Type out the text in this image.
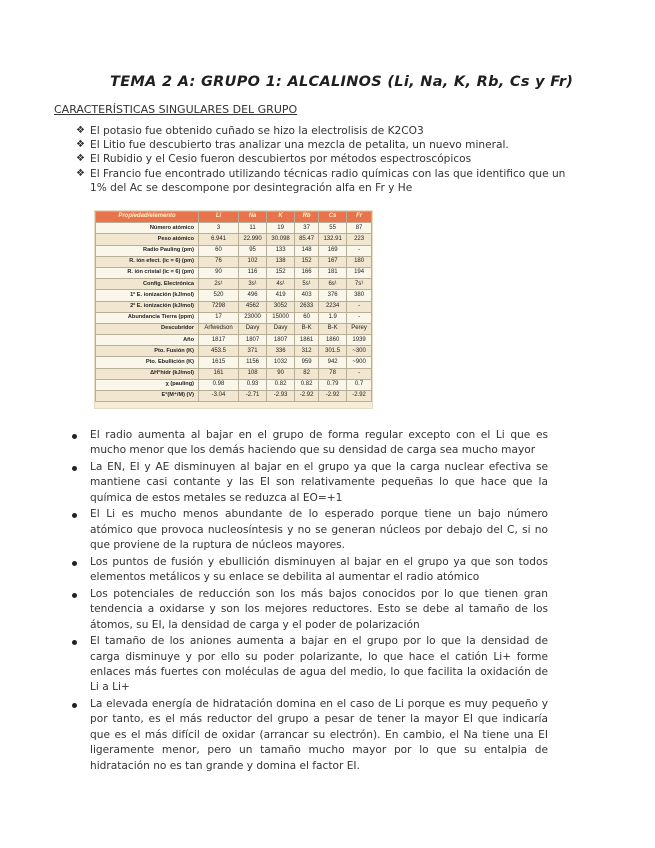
TEMA 2 A: GRUPO 1: ALCALINOS (Li, Na, K, Rb, Cs y Fr)
CARACTERÍSTICAS SINGULARES DEL GRUPO
❖ El potasio fue obtenido cuñado se hizo la electrolisis de K2CO3
❖ El Litio fue descubierto tras analizar una mezcla de petalita, un nuevo mineral.
❖ El Rubidio y el Cesio fueron descubiertos por métodos espectroscópicos
❖ El Francio fue encontrado utilizando técnicas radio químicas con las que identifico que un 1% del Ac se descompone por desintegración alfa en Fr y He
Propiedad/elemento	Li	Na	K	Rb	Cs	Fr
Número atómico	3	11	19	37	55	87
Peso atómico	6.941	22.990	30.098	85.47	132.91	223
Radio Pauling (pm)	60	95	133	148	169	-
R. ión efect. (ic = 6) (pm)	76	102	138	152	167	180
R. ión cristal (ic = 6) (pm)	90	116	152	166	181	194
Config. Electrónica	2s¹	3s¹	4s¹	5s¹	6s¹	7s¹
1ª E. ionización (kJ/mol)	520	496	419	403	376	380
2ª E. ionización (kJ/mol)	7298	4562	3052	2633	2234	-
Abundancia Tierra (ppm)	17	23000	15000	60	1.9	-
Descubridor	Arfwedson	Davy	Davy	B-K	B-K	Perey
Año	1817	1807	1807	1861	1860	1939
Pto. Fusión (K)	453.5	371	336	312	301.5	~300
Pto. Ebullición (K)	1615	1156	1032	959	942	~900
ΔH°hidr (kJ/mol)	161	108	90	82	78	-
χ (pauling)	0.98	0.93	0.82	0.82	0.79	0.7
E°(M⁺/M) (V)	-3.04	-2.71	-2.93	-2.92	-2.92	-2.92
El radio aumenta al bajar en el grupo de forma regular excepto con el Li que es mucho menor que los demás haciendo que su densidad de carga sea mucho mayor
La EN, EI y AE disminuyen al bajar en el grupo ya que la carga nuclear efectiva se mantiene casi contante y las EI son relativamente pequeñas lo que hace que la química de estos metales se reduzca al EO=+1
El Li es mucho menos abundante de lo esperado porque tiene un bajo número atómico que provoca nucleosíntesis y no se generan núcleos por debajo del C, si no que proviene de la ruptura de núcleos mayores.
Los puntos de fusión y ebullición disminuyen al bajar en el grupo ya que son todos elementos metálicos y su enlace se debilita al aumentar el radio atómico
Los potenciales de reducción son los más bajos conocidos por lo que tienen gran tendencia a oxidarse y son los mejores reductores. Esto se debe al tamaño de los átomos, su EI, la densidad de carga y el poder de polarización
El tamaño de los aniones aumenta a bajar en el grupo por lo que la densidad de carga disminuye y por ello su poder polarizante, lo que hace el catión Li+ forme enlaces más fuertes con moléculas de agua del medio, lo que facilita la oxidación de Li a Li+
La elevada energía de hidratación domina en el caso de Li porque es muy pequeño y por tanto, es el más reductor del grupo a pesar de tener la mayor EI que indicaría que es el más difícil de oxidar (arrancar su electrón). En cambio, el Na tiene una EI ligeramente menor, pero un tamaño mucho mayor por lo que su entalpia de hidratación no es tan grande y domina el factor EI.
